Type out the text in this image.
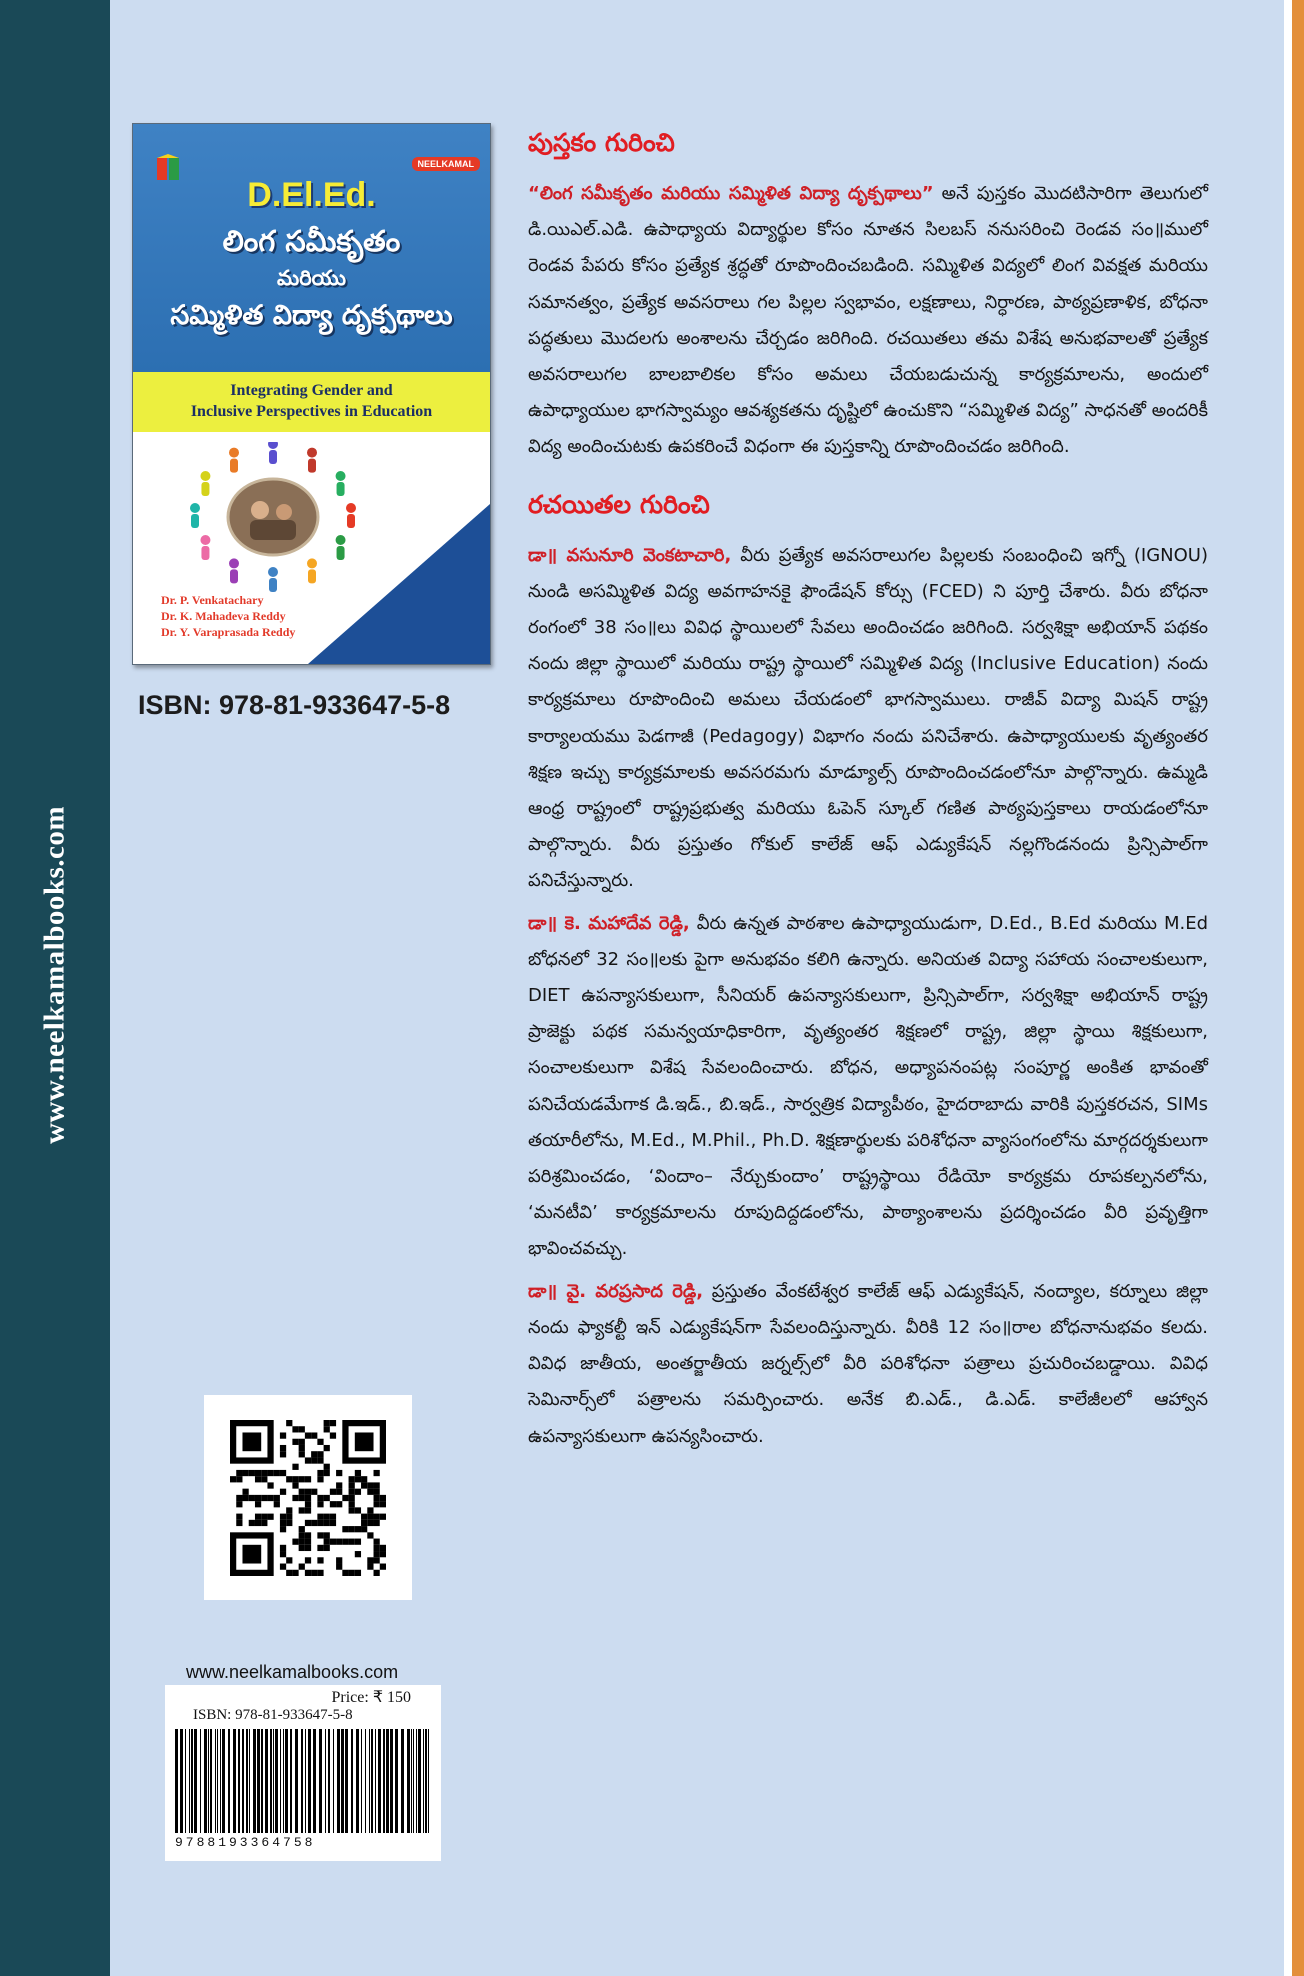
www.neelkamalbooks.com
NEELKAMAL
D.El.Ed.
లింగ సమీకృతం
మరియు
సమ్మిళిత విద్యా దృక్పథాలు
Integrating Gender and
Inclusive Perspectives in Education
Dr. P. Venkatachary
Dr. K. Mahadeva Reddy
Dr. Y. Varaprasada Reddy
ISBN: 978-81-933647-5-8
www.neelkamalbooks.com
Price: ₹ 150
ISBN: 978-81-933647-5-8
9788193364758
పుస్తకం గురించి

“లింగ సమీకృతం మరియు సమ్మిళిత విద్యా దృక్పథాలు” అనే పుస్తకం మొదటిసారిగా తెలుగులో డి.యిఎల్.ఎడి. ఉపాధ్యాయ విద్యార్థుల కోసం నూతన సిలబస్ ననుసరించి రెండవ సం॥ములో రెండవ పేపరు కోసం ప్రత్యేక శ్రద్ధతో రూపొందించబడింది. సమ్మిళిత విద్యలో లింగ వివక్షత మరియు సమానత్వం, ప్రత్యేక అవసరాలు గల పిల్లల స్వభావం, లక్షణాలు, నిర్ధారణ, పాఠ్యప్రణాళిక, బోధనా పద్ధతులు మొదలగు అంశాలను చేర్చడం జరిగింది. రచయితలు తమ విశేష అనుభవాలతో ప్రత్యేక అవసరాలుగల బాలబాలికల కోసం అమలు చేయబడుచున్న కార్యక్రమాలను, అందులో ఉపాధ్యాయుల భాగస్వామ్యం ఆవశ్యకతను దృష్టిలో ఉంచుకొని “సమ్మిళిత విద్య” సాధనతో అందరికీ విద్య అందించుటకు ఉపకరించే విధంగా ఈ పుస్తకాన్ని రూపొందించడం జరిగింది.

రచయితల గురించి

డా॥ వసునూరి వెంకటాచారి, వీరు ప్రత్యేక అవసరాలుగల పిల్లలకు సంబంధించి ఇగ్నో (IGNOU) నుండి అసమ్మిళిత విద్య అవగాహనకై ఫౌండేషన్ కోర్సు (FCED) ని పూర్తి చేశారు. వీరు బోధనా రంగంలో 38 సం॥లు వివిధ స్థాయిలలో సేవలు అందించడం జరిగింది. సర్వశిక్షా అభియాన్ పథకం నందు జిల్లా స్థాయిలో మరియు రాష్ట్ర స్థాయిలో సమ్మిళిత విద్య (Inclusive Education) నందు కార్యక్రమాలు రూపొందించి అమలు చేయడంలో భాగస్వాములు. రాజీవ్ విద్యా మిషన్ రాష్ట్ర కార్యాలయము పెడగాజీ (Pedagogy) విభాగం నందు పనిచేశారు. ఉపాధ్యాయులకు వృత్యంతర శిక్షణ ఇచ్చు కార్యక్రమాలకు అవసరమగు మాడ్యూల్స్ రూపొందించడంలోనూ పాల్గొన్నారు. ఉమ్మడి ఆంధ్ర రాష్ట్రంలో రాష్ట్రప్రభుత్వ మరియు ఓపెన్ స్కూల్ గణిత పాఠ్యపుస్తకాలు రాయడంలోనూ పాల్గొన్నారు. వీరు ప్రస్తుతం గోకుల్ కాలేజ్ ఆఫ్ ఎడ్యుకేషన్ నల్లగొండనందు ప్రిన్సిపాల్‌గా పనిచేస్తున్నారు.

డా॥ కె. మహాదేవ రెడ్డి, వీరు ఉన్నత పాఠశాల ఉపాధ్యాయుడుగా, D.Ed., B.Ed మరియు M.Ed బోధనలో 32 సం॥లకు పైగా అనుభవం కలిగి ఉన్నారు. అనియత విద్యా సహాయ సంచాలకులుగా, DIET ఉపన్యాసకులుగా, సీనియర్ ఉపన్యాసకులుగా, ప్రిన్సిపాల్‌గా, సర్వశిక్షా అభియాన్ రాష్ట్ర ప్రాజెక్టు పథక సమన్వయాధికారిగా, వృత్యంతర శిక్షణలో రాష్ట్ర, జిల్లా స్థాయి శిక్షకులుగా, సంచాలకులుగా విశేష సేవలందించారు. బోధన, అధ్యాపనంపట్ల సంపూర్ణ అంకిత భావంతో పనిచేయడమేగాక డి.ఇడ్., బి.ఇడ్., సార్వత్రిక విద్యాపీఠం, హైదరాబాదు వారికి పుస్తకరచన, SIMs తయారీలోను, M.Ed., M.Phil., Ph.D. శిక్షణార్థులకు పరిశోధనా వ్యాసంగంలోను మార్గదర్శకులుగా పరిశ్రమించడం, ‘విందాం– నేర్చుకుందాం’ రాష్ట్రస్థాయి రేడియో కార్యక్రమ రూపకల్పనలోను, ‘మనటీవి’ కార్యక్రమాలను రూపుదిద్దడంలోను, పాఠ్యాంశాలను ప్రదర్శించడం వీరి ప్రవృత్తిగా భావించవచ్చు.

డా॥ వై. వరప్రసాద రెడ్డి, ప్రస్తుతం వేంకటేశ్వర కాలేజ్ ఆఫ్ ఎడ్యుకేషన్, నంద్యాల, కర్నూలు జిల్లా నందు ఫ్యాకల్టీ ఇన్ ఎడ్యుకేషన్‌గా సేవలందిస్తున్నారు. వీరికి 12 సం॥రాల బోధనానుభవం కలదు. వివిధ జాతీయ, అంతర్జాతీయ జర్నల్స్‌లో వీరి పరిశోధనా పత్రాలు ప్రచురించబడ్డాయి. వివిధ సెమినార్స్‌లో పత్రాలను సమర్పించారు. అనేక బి.ఎడ్., డి.ఎడ్. కాలేజీలలో ఆహ్వాన ఉపన్యాసకులుగా ఉపన్యసించారు.
